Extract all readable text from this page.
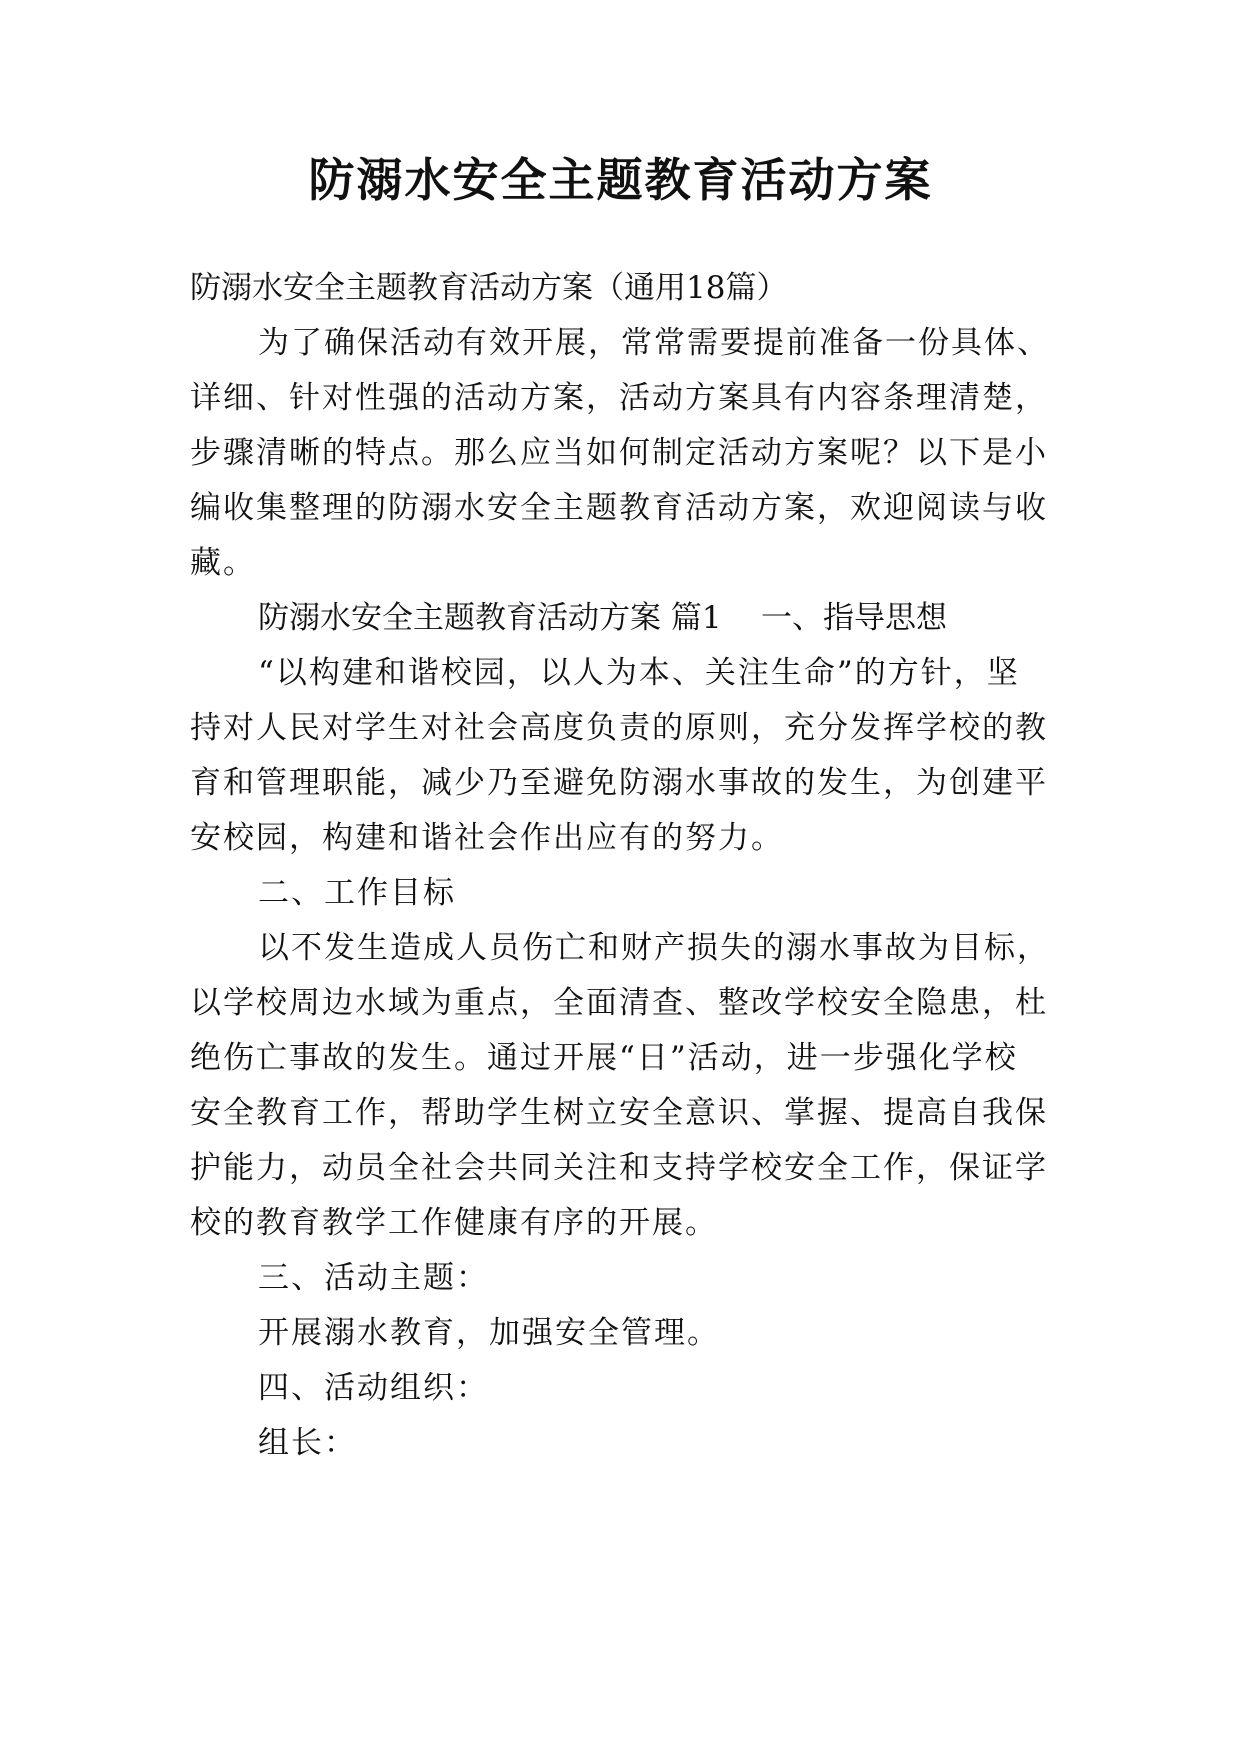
防溺水安全主题教育活动方案
防溺水安全主题教育活动方案（通用18篇）
为了确保活动有效开展，常常需要提前准备一份具体、
详细、针对性强的活动方案，活动方案具有内容条理清楚，
步骤清晰的特点。那么应当如何制定活动方案呢？以下是小
编收集整理的防溺水安全主题教育活动方案，欢迎阅读与收
藏。
防溺水安全主题教育活动方案 篇1    一、指导思想
“以构建和谐校园，以人为本、关注生命”的方针，坚
持对人民对学生对社会高度负责的原则，充分发挥学校的教
育和管理职能，减少乃至避免防溺水事故的发生，为创建平
安校园，构建和谐社会作出应有的努力。
二、工作目标
以不发生造成人员伤亡和财产损失的溺水事故为目标，
以学校周边水域为重点，全面清查、整改学校安全隐患，杜
绝伤亡事故的发生。通过开展“日”活动，进一步强化学校
安全教育工作，帮助学生树立安全意识、掌握、提高自我保
护能力，动员全社会共同关注和支持学校安全工作，保证学
校的教育教学工作健康有序的开展。
三、活动主题：
开展溺水教育，加强安全管理。
四、活动组织：
组长：
